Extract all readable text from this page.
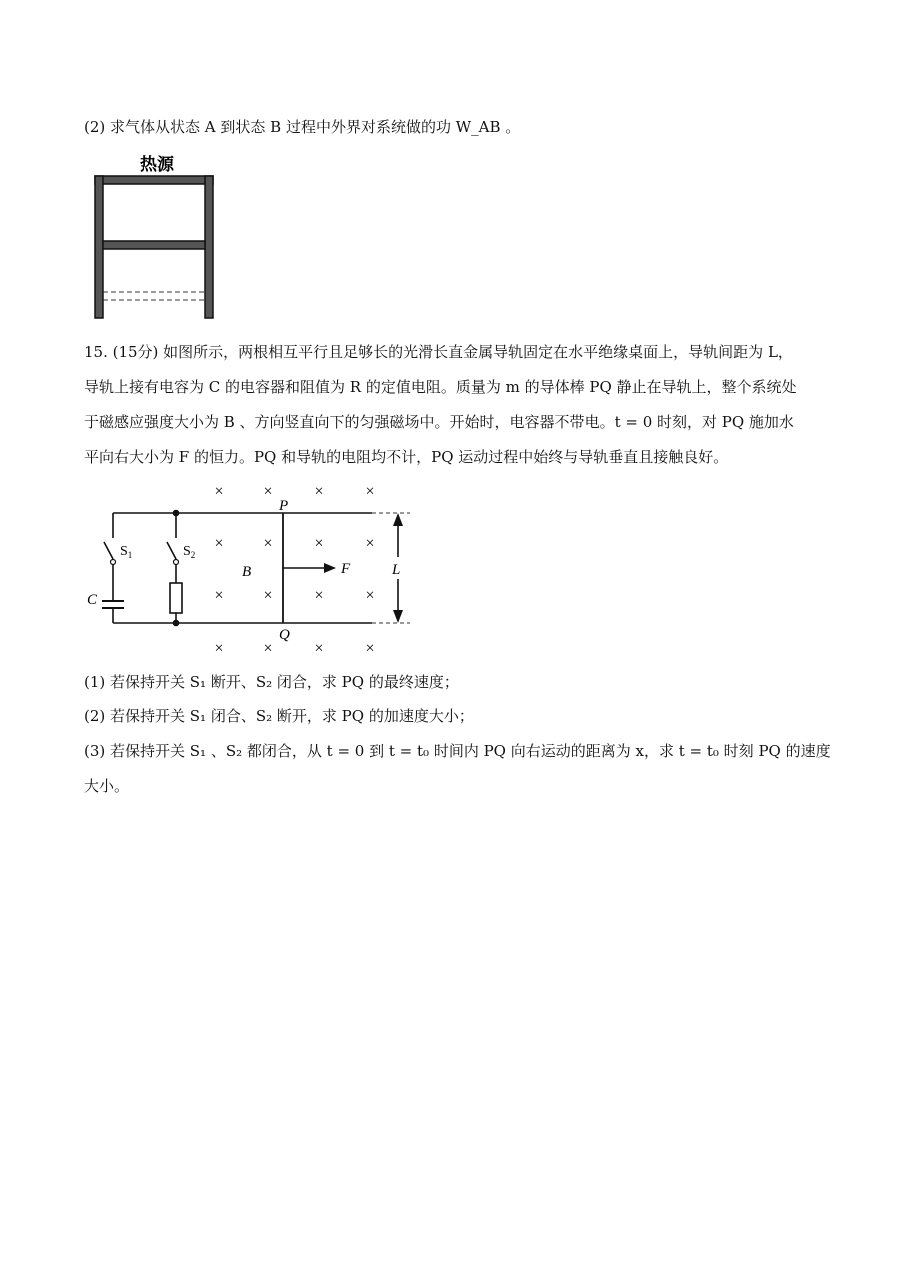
(2) 求气体从状态 A 到状态 B 过程中外界对系统做的功 W_AB 。
热源
15. (15分) 如图所示，两根相互平行且足够长的光滑长直金属导轨固定在水平绝缘桌面上，导轨间距为 L，
导轨上接有电容为 C 的电容器和阻值为 R 的定值电阻。质量为 m 的导体棒 PQ 静止在导轨上，整个系统处
于磁感应强度大小为 B 、方向竖直向下的匀强磁场中。开始时，电容器不带电。t = 0 时刻，对 PQ 施加水
平向右大小为 F 的恒力。PQ 和导轨的电阻均不计，PQ 运动过程中始终与导轨垂直且接触良好。
$S_1$
C
$S_2$
P
Q
F
B	L
× ×	×	×
× ×	×	×
× ×	×	×
× ×	×	×
(1) 若保持开关 S₁ 断开、S₂ 闭合，求 PQ 的最终速度；
(2) 若保持开关 S₁ 闭合、S₂ 断开，求 PQ 的加速度大小；
(3) 若保持开关 S₁ 、S₂ 都闭合，从 t = 0 到 t = t₀ 时间内 PQ 向右运动的距离为 x，求 t = t₀ 时刻 PQ 的速度
大小。
